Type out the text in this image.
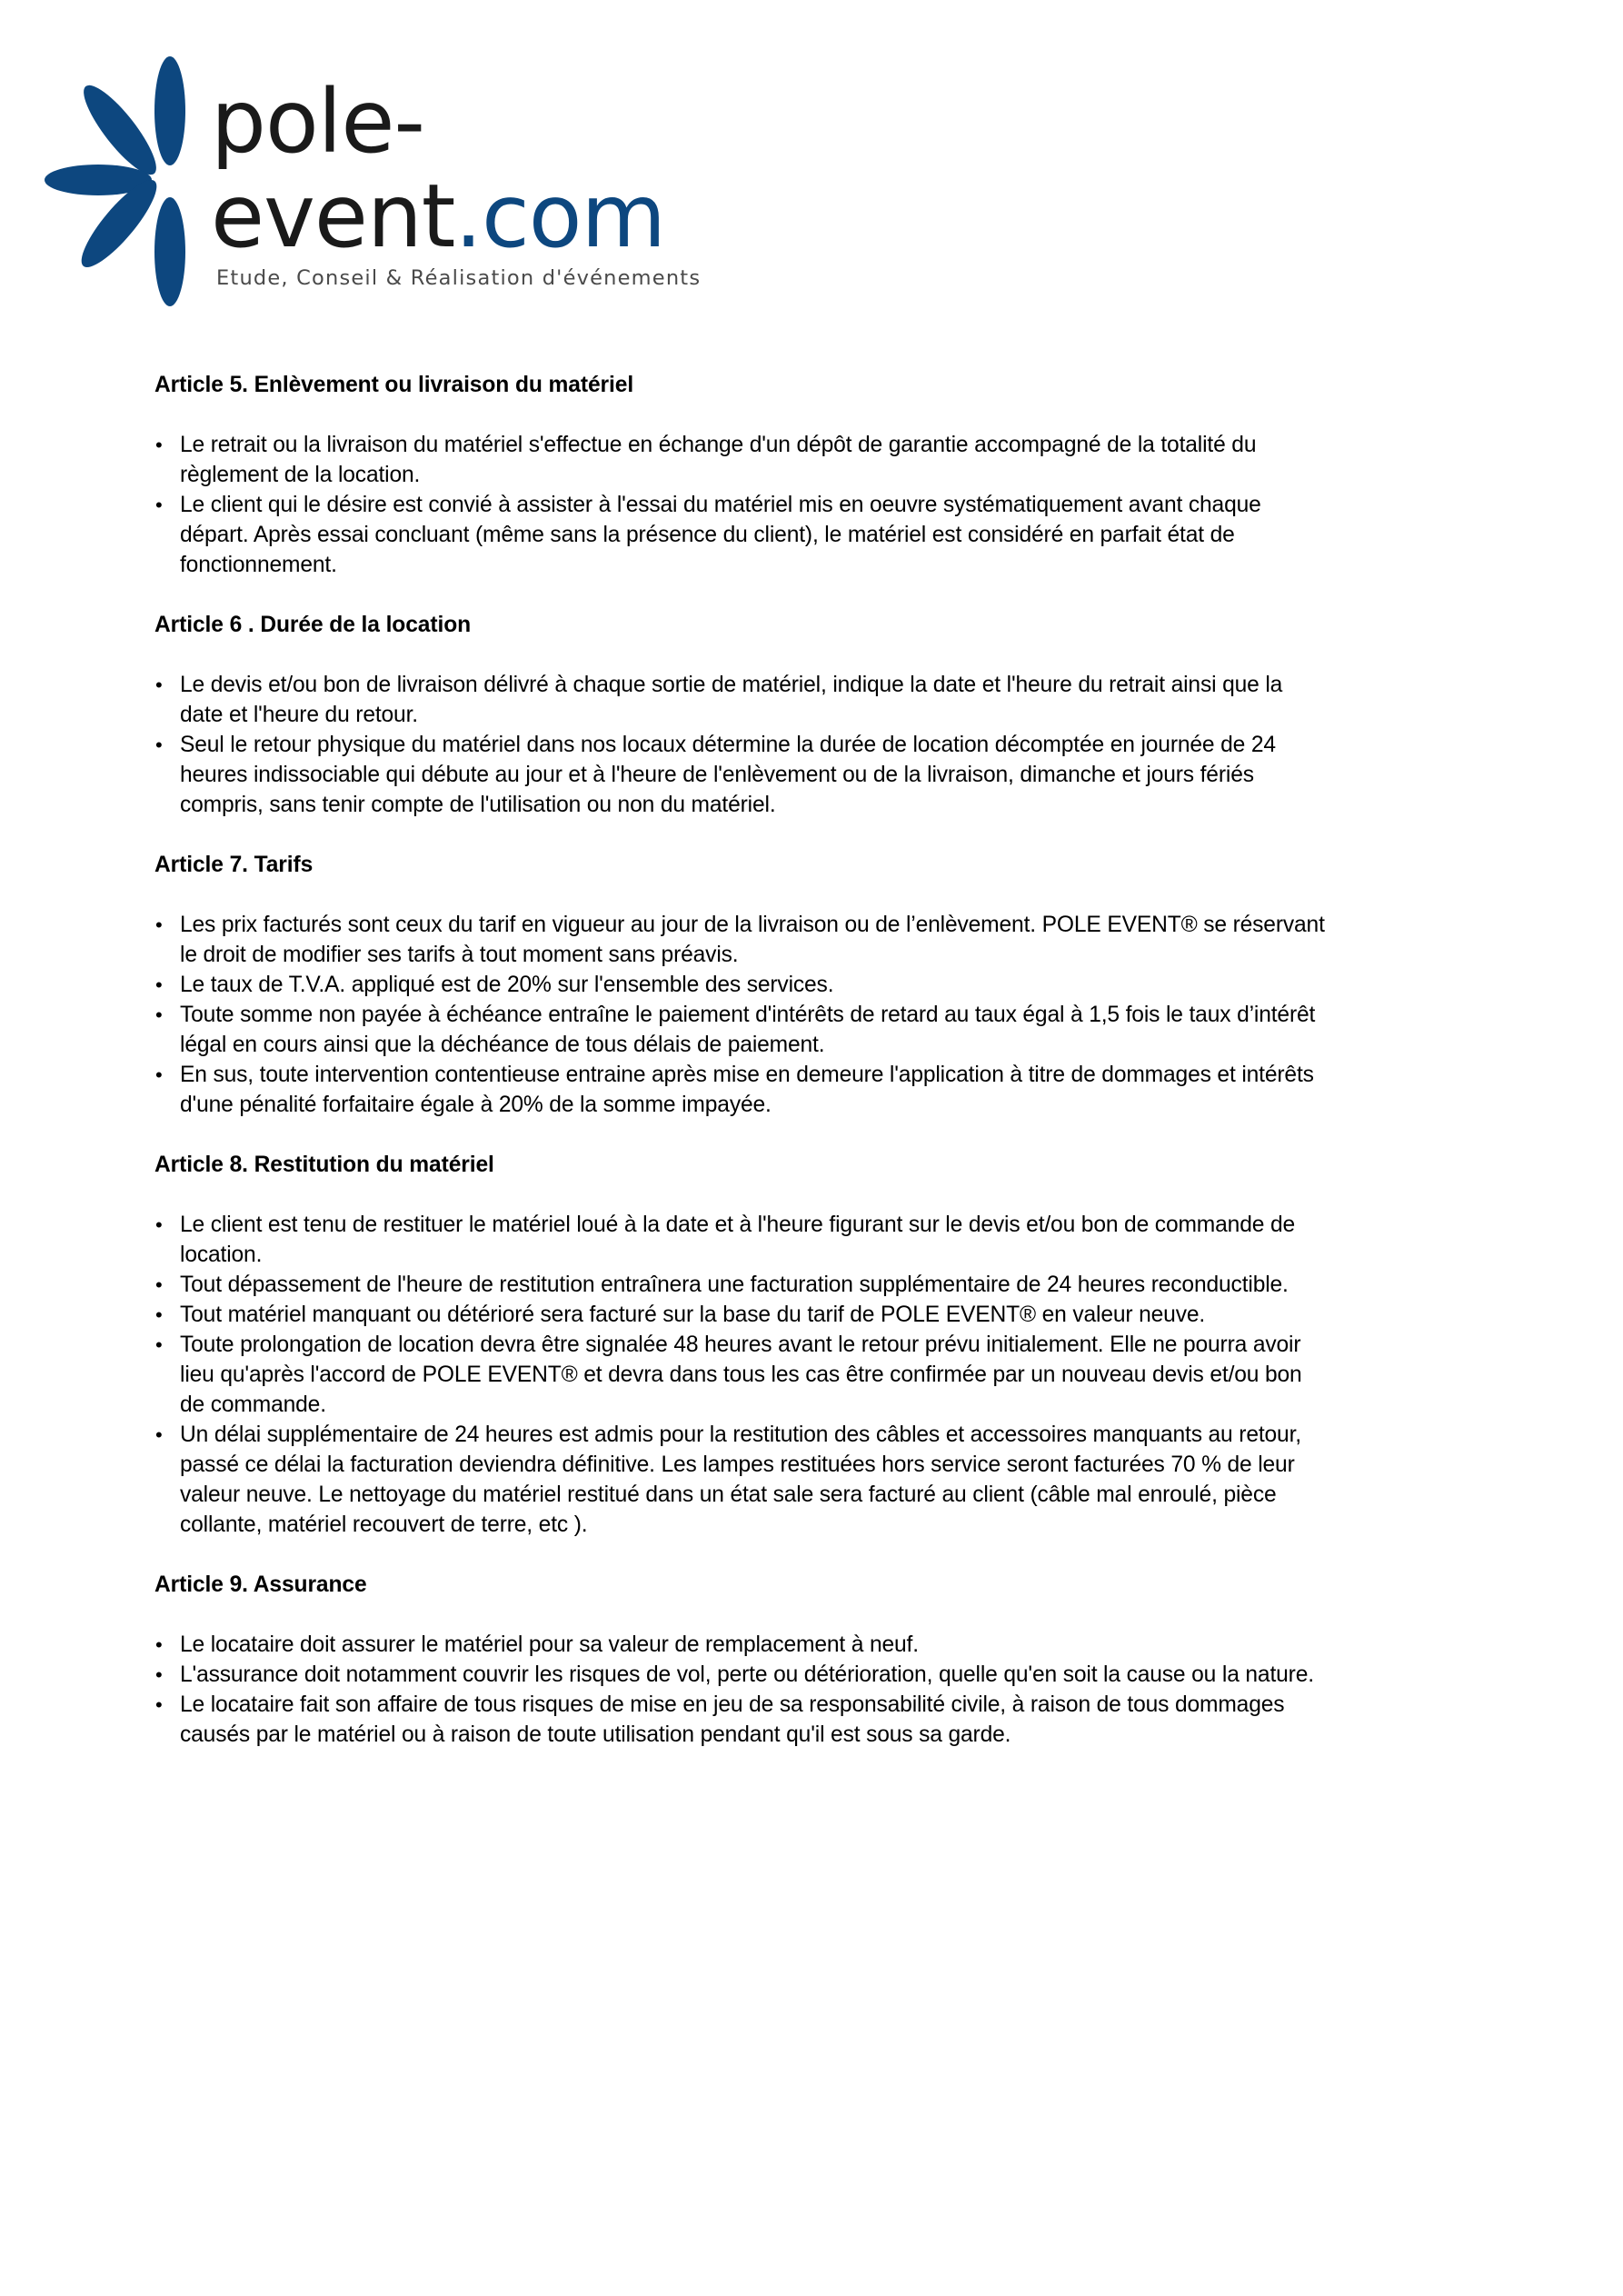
pole-
event.com
Etude, Conseil & Réalisation d'événements
Article 5. Enlèvement ou livraison du matériel
• Le retrait ou la livraison du matériel s'effectue en échange d'un dépôt de garantie accompagné de la totalité du
règlement de la location.
• Le client qui le désire est convié à assister à l'essai du matériel mis en oeuvre systématiquement avant chaque
départ. Après essai concluant (même sans la présence du client), le matériel est considéré en parfait état de
fonctionnement.
Article 6 . Durée de la location
• Le devis et/ou bon de livraison délivré à chaque sortie de matériel, indique la date et l'heure du retrait ainsi que la
date et l'heure du retour.
• Seul le retour physique du matériel dans nos locaux détermine la durée de location décomptée en journée de 24
heures indissociable qui débute au jour et à l'heure de l'enlèvement ou de la livraison, dimanche et jours fériés
compris, sans tenir compte de l'utilisation ou non du matériel.
Article 7. Tarifs
• Les prix facturés sont ceux du tarif en vigueur au jour de la livraison ou de l’enlèvement. POLE EVENT® se réservant
le droit de modifier ses tarifs à tout moment sans préavis.
• Le taux de T.V.A. appliqué est de 20% sur l'ensemble des services.
• Toute somme non payée à échéance entraîne le paiement d'intérêts de retard au taux égal à 1,5 fois le taux d’intérêt
légal en cours ainsi que la déchéance de tous délais de paiement.
• En sus, toute intervention contentieuse entraine après mise en demeure l'application à titre de dommages et intérêts
d'une pénalité forfaitaire égale à 20% de la somme impayée.
Article 8. Restitution du matériel
• Le client est tenu de restituer le matériel loué à la date et à l'heure figurant sur le devis et/ou bon de commande de
location.
• Tout dépassement de l'heure de restitution entraînera une facturation supplémentaire de 24 heures reconductible.
• Tout matériel manquant ou détérioré sera facturé sur la base du tarif de POLE EVENT® en valeur neuve.
• Toute prolongation de location devra être signalée 48 heures avant le retour prévu initialement. Elle ne pourra avoir
lieu qu'après l'accord de POLE EVENT® et devra dans tous les cas être confirmée par un nouveau devis et/ou bon
de commande.
• Un délai supplémentaire de 24 heures est admis pour la restitution des câbles et accessoires manquants au retour,
passé ce délai la facturation deviendra définitive. Les lampes restituées hors service seront facturées 70 % de leur
valeur neuve. Le nettoyage du matériel restitué dans un état sale sera facturé au client (câble mal enroulé, pièce
collante, matériel recouvert de terre, etc ).
Article 9. Assurance
• Le locataire doit assurer le matériel pour sa valeur de remplacement à neuf.
• L'assurance doit notamment couvrir les risques de vol, perte ou détérioration, quelle qu'en soit la cause ou la nature.
• Le locataire fait son affaire de tous risques de mise en jeu de sa responsabilité civile, à raison de tous dommages
causés par le matériel ou à raison de toute utilisation pendant qu'il est sous sa garde.
